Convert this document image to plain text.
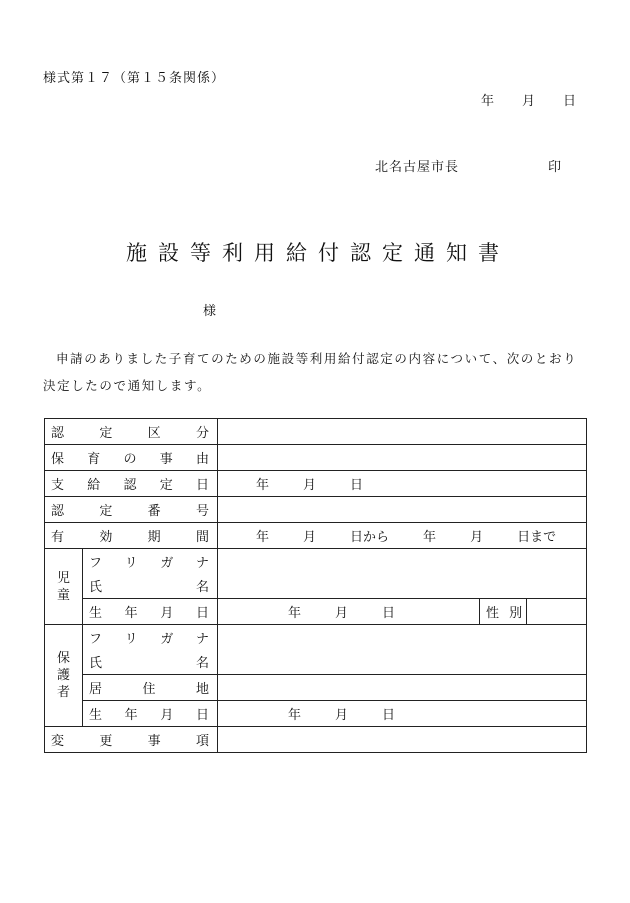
様式第１７（第１５条関係）
年 月 日
北名古屋市長	印
施設等利用給付認定通知書
様
申請のありました子育てのための施設等利用給付認定の内容について、次のとおり決定したので通知します。
認 定 区 分				

保 育 の 事 由				

支 給 認 定 日		年 月 日		

認 定 番 号				

有 効 期 間		年 月 日から 年 月 日まで		

児
童	フ リ ガ ナ			

	氏 名			

	生 年 月 日	年 月 日	性 別	

保
護
者	フ リ ガ ナ			

	氏 名			

	居 住 地			

	生 年 月 日	年 月 日		

変 更 事 項				
